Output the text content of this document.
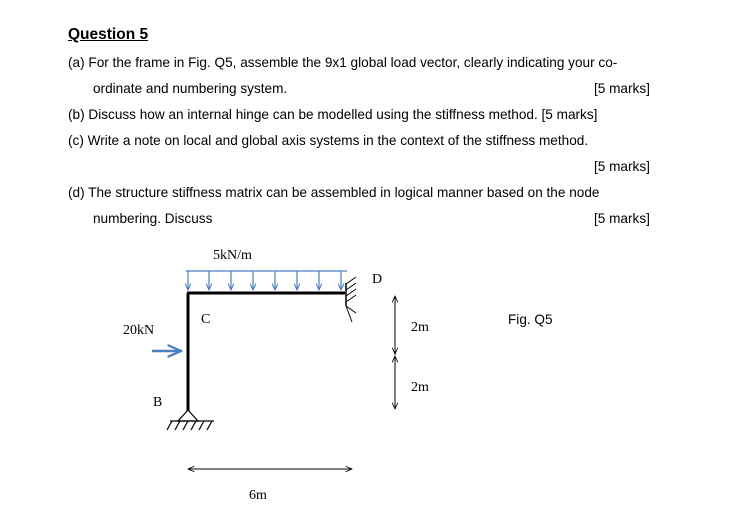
Question 5
(a) For the frame in Fig. Q5, assemble the 9x1 global load vector, clearly indicating your co-
ordinate and numbering system.	[5 marks]
(b) Discuss how an internal hinge can be modelled using the stiffness method. [5 marks]
(c) Write a note on local and global axis systems in the context of the stiffness method.
[5 marks]
(d) The structure stiffness matrix can be assembled in logical manner based on the node
numbering. Discuss	[5 marks]
5kN/m
20kN
C
D
B
2m
2m
6m
Fig. Q5
